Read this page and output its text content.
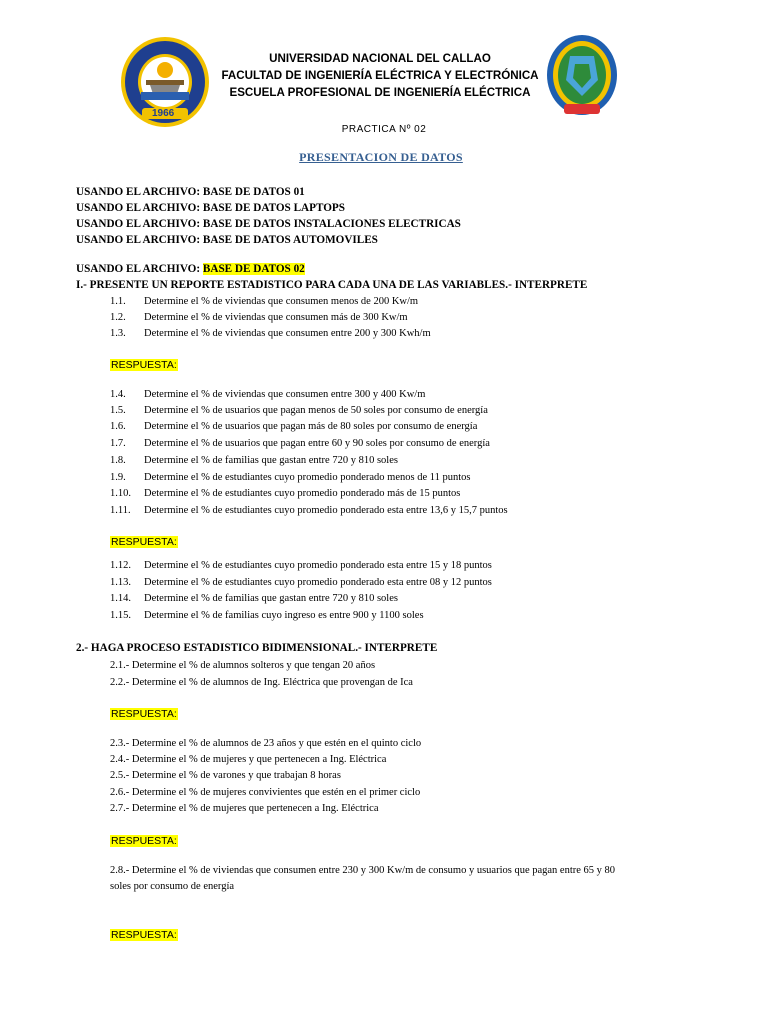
1966
UNIVERSIDAD NACIONAL DEL CALLAO
FACULTAD DE INGENIERÍA ELÉCTRICA Y ELECTRÓNICA
ESCUELA PROFESIONAL DE INGENIERÍA ELÉCTRICA
PRACTICA Nº 02
PRESENTACION DE DATOS
USANDO EL ARCHIVO: BASE DE DATOS 01
USANDO EL ARCHIVO: BASE DE DATOS LAPTOPS
USANDO EL ARCHIVO: BASE DE DATOS INSTALACIONES ELECTRICAS
USANDO EL ARCHIVO: BASE DE DATOS AUTOMOVILES
USANDO EL ARCHIVO: BASE DE DATOS 02
I.- PRESENTE UN REPORTE ESTADISTICO PARA CADA UNA DE LAS VARIABLES.- INTERPRETE
1.1. Determine el % de viviendas que consumen menos de 200 Kw/m
1.2. Determine el % de viviendas que consumen más de 300 Kw/m
1.3. Determine el % de viviendas que consumen entre 200 y 300 Kwh/m
RESPUESTA:
1.4. Determine el % de viviendas que consumen entre 300 y 400 Kw/m
1.5. Determine el % de usuarios que pagan menos de 50 soles por consumo de energía
1.6. Determine el % de usuarios que pagan más de 80 soles por consumo de energía
1.7. Determine el % de usuarios que pagan entre 60 y 90 soles por consumo de energía
1.8. Determine el % de familias que gastan entre 720 y 810 soles
1.9. Determine el % de estudiantes cuyo promedio ponderado menos de 11 puntos
1.10. Determine el % de estudiantes cuyo promedio ponderado más de 15 puntos
1.11. Determine el % de estudiantes cuyo promedio ponderado esta entre 13,6 y 15,7 puntos
RESPUESTA:
1.12. Determine el % de estudiantes cuyo promedio ponderado esta entre 15 y 18 puntos
1.13. Determine el % de estudiantes cuyo promedio ponderado esta entre 08 y 12 puntos
1.14. Determine el % de familias que gastan entre 720 y 810 soles
1.15. Determine el % de familias cuyo ingreso es entre 900 y 1100 soles
2.- HAGA PROCESO ESTADISTICO BIDIMENSIONAL.- INTERPRETE
2.1.- Determine el % de alumnos solteros y que tengan 20 años
2.2.- Determine el % de alumnos de Ing. Eléctrica que provengan de Ica
RESPUESTA:
2.3.- Determine el % de alumnos de 23 años y que estén en el quinto ciclo
2.4.- Determine el % de mujeres y que pertenecen a Ing. Eléctrica
2.5.- Determine el % de varones y que trabajan 8 horas
2.6.- Determine el % de mujeres convivientes que estén en el primer ciclo
2.7.- Determine el % de mujeres que pertenecen a Ing. Eléctrica
RESPUESTA:
2.8.- Determine el % de viviendas que consumen entre 230 y 300 Kw/m de consumo y usuarios que pagan entre 65 y 80
soles por consumo de energía
RESPUESTA:
